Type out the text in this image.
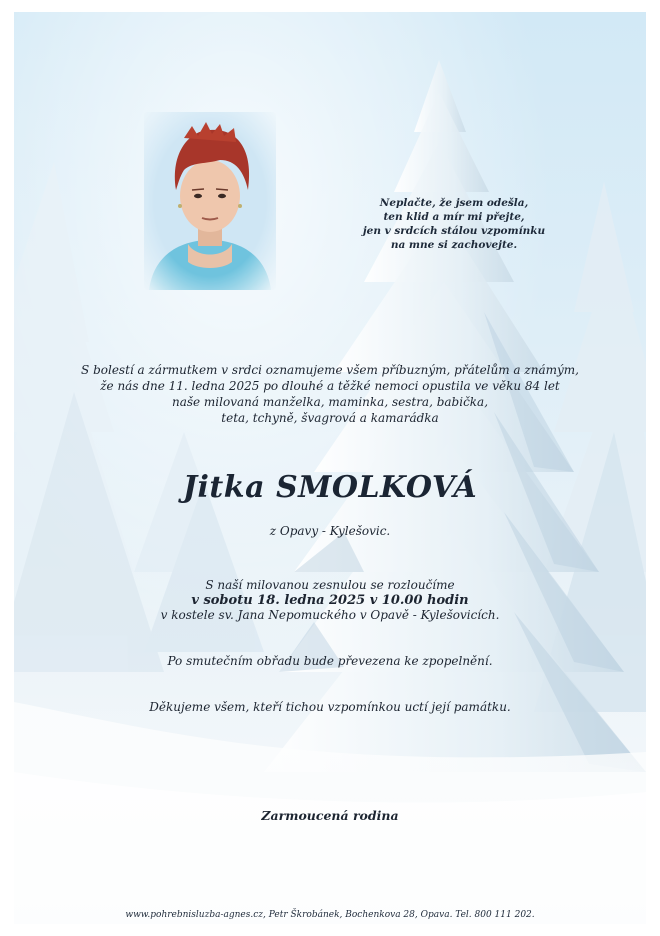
Neplačte, že jsem odešla,
ten klid a mír mi přejte,
jen v srdcích stálou vzpomínku
na mne si zachovejte.
S bolestí a zármutkem v srdci oznamujeme všem příbuzným, přátelům a známým,
že nás dne 11. ledna 2025 po dlouhé a těžké nemoci opustila ve věku 84 let
naše milovaná manželka, maminka, sestra, babička,
teta, tchyně, švagrová a kamarádka
Jitka SMOLKOVÁ
z Opavy - Kylešovic.
S naší milovanou zesnulou se rozloučíme
v sobotu 18. ledna 2025 v 10.00 hodin
v kostele sv. Jana Nepomuckého v Opavě - Kylešovicích.
Po smutečním obřadu bude převezena ke zpopelnění.
Děkujeme všem, kteří tichou vzpomínkou uctí její památku.
Zarmoucená rodina
www.pohrebnisluzba-agnes.cz, Petr Škrobánek, Bochenkova 28, Opava. Tel. 800 111 202.
